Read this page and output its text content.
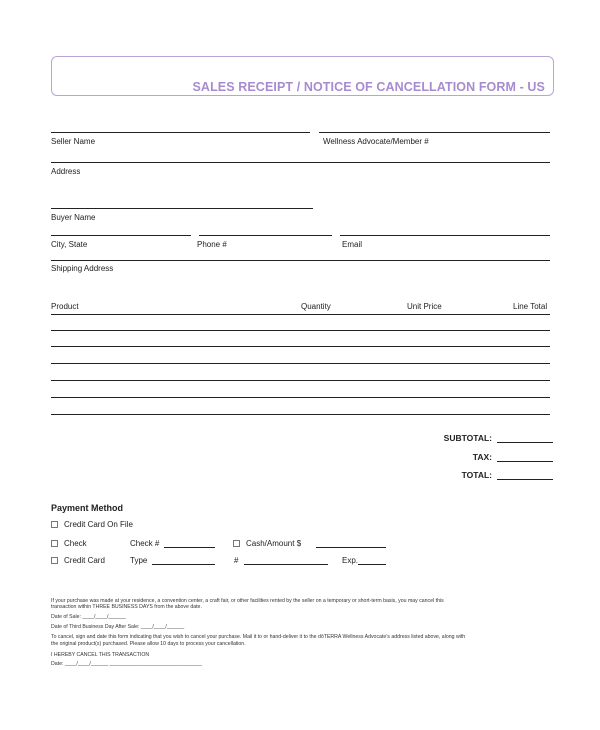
SALES RECEIPT / NOTICE OF CANCELLATION FORM - US
Seller Name	Wellness Advocate/Member #
Address
Buyer Name
City, State	Phone #	Email
Shipping Address
Product	Quantity	Unit Price	Line Total
SUBTOTAL:
TAX:
TOTAL:
Payment Method
Credit Card On File
Check	Check #	Cash/Amount $
Credit Card	Type	#	Exp.
If your purchase was made at your residence, a convention center, a craft fair, or other facilities rented by the seller on a temporary or short-term basis, you may cancel this
transaction within THREE BUSINESS DAYS from the above date.
Date of Sale: ____/____/______
Date of Third Business Day After Sale: ____/____/______
To cancel, sign and date this form indicating that you wish to cancel your purchase. Mail it to or hand-deliver it to the dōTERRA Wellness Advocate’s address listed above, along with
the original product(s) purchased. Please allow 10 days to process your cancellation.
I HEREBY CANCEL THIS TRANSACTION
Date: ____/____/______ ________________________________
